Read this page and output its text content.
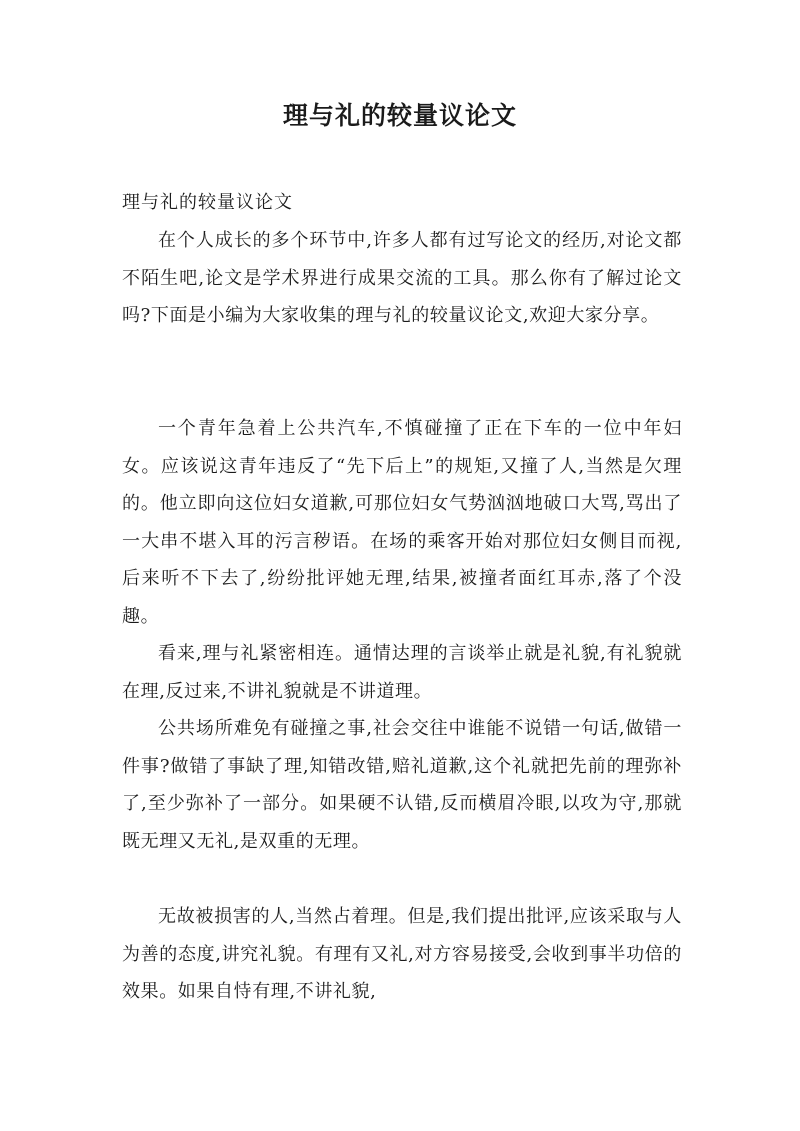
理与礼的较量议论文

理与礼的较量议论文

在个人成长的多个环节中,许多人都有过写论文的经历,对论文都不陌生吧,论文是学术界进行成果交流的工具。那么你有了解过论文吗?下面是小编为大家收集的理与礼的较量议论文,欢迎大家分享。

一个青年急着上公共汽车,不慎碰撞了正在下车的一位中年妇女。应该说这青年违反了“先下后上”的规矩,又撞了人,当然是欠理的。他立即向这位妇女道歉,可那位妇女气势汹汹地破口大骂,骂出了一大串不堪入耳的污言秽语。在场的乘客开始对那位妇女侧目而视,后来听不下去了,纷纷批评她无理,结果,被撞者面红耳赤,落了个没趣。

看来,理与礼紧密相连。通情达理的言谈举止就是礼貌,有礼貌就在理,反过来,不讲礼貌就是不讲道理。

公共场所难免有碰撞之事,社会交往中谁能不说错一句话,做错一件事?做错了事缺了理,知错改错,赔礼道歉,这个礼就把先前的理弥补了,至少弥补了一部分。如果硬不认错,反而横眉冷眼,以攻为守,那就既无理又无礼,是双重的无理。

无故被损害的人,当然占着理。但是,我们提出批评,应该采取与人为善的态度,讲究礼貌。有理有又礼,对方容易接受,会收到事半功倍的效果。如果自恃有理,不讲礼貌,
